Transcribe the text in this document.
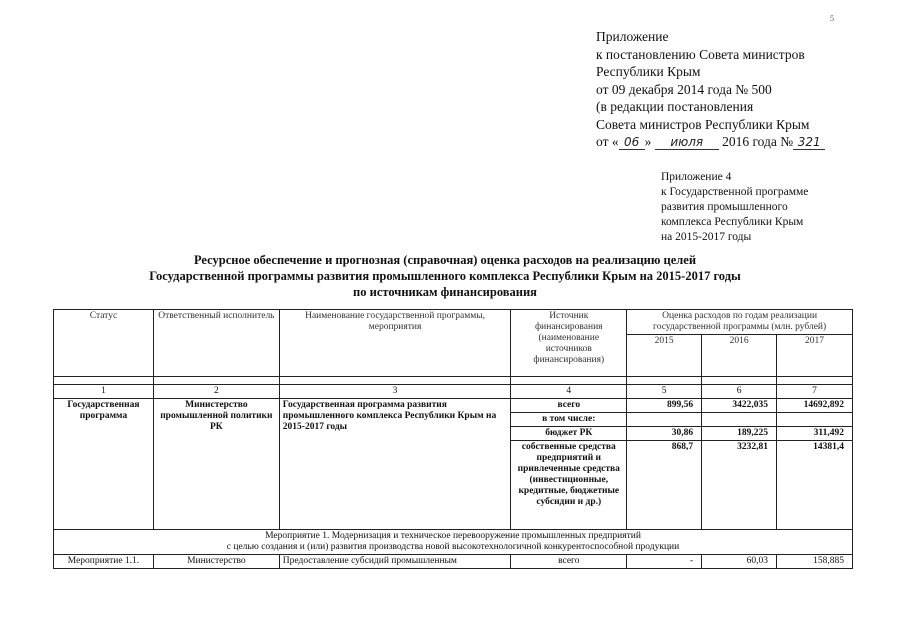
5
Приложение
к постановлению Совета министров
Республики Крым
от 09 декабря 2014 года № 500
(в редакции постановления
Совета министров Республики Крым
от « 06 » июля 2016 года № 321
Приложение 4
к Государственной программе
развития промышленного
комплекса Республики Крым
на 2015-2017 годы
Ресурсное обеспечение и прогнозная (справочная) оценка расходов на реализацию целей
Государственной программы развития промышленного комплекса Республики Крым на 2015-2017 годы
по источникам финансирования
Статус	Ответственный исполнитель	Наименование государственной программы, мероприятия	Источник финансирования (наименование источников финансирования)	Оценка расходов по годам реализации государственной программы (млн. рублей)		
				2015	2016	2017

1	2	3	4	5	6	7
Государственная программа	Министерство промышленной политики РК	Государственная программа развития промышленного комплекса Республики Крым на 2015-2017 годы	всего	899,56	3422,035	14692,892
			в том числе:			
			бюджет РК	30,86	189,225	311,492
			собственные средства предприятий и привлеченные средства (инвестиционные, кредитные, бюджетные субсидии и др.)	868,7	3232,81	14381,4

Мероприятие 1. Модернизация и техническое перевооружение промышленных предприятий
с целью создания и (или) развития производства новой высокотехнологичной конкурентоспособной продукции						

Мероприятие 1.1.	Министерство	Предоставление субсидий промышленным	всего	-	60,03	158,885
